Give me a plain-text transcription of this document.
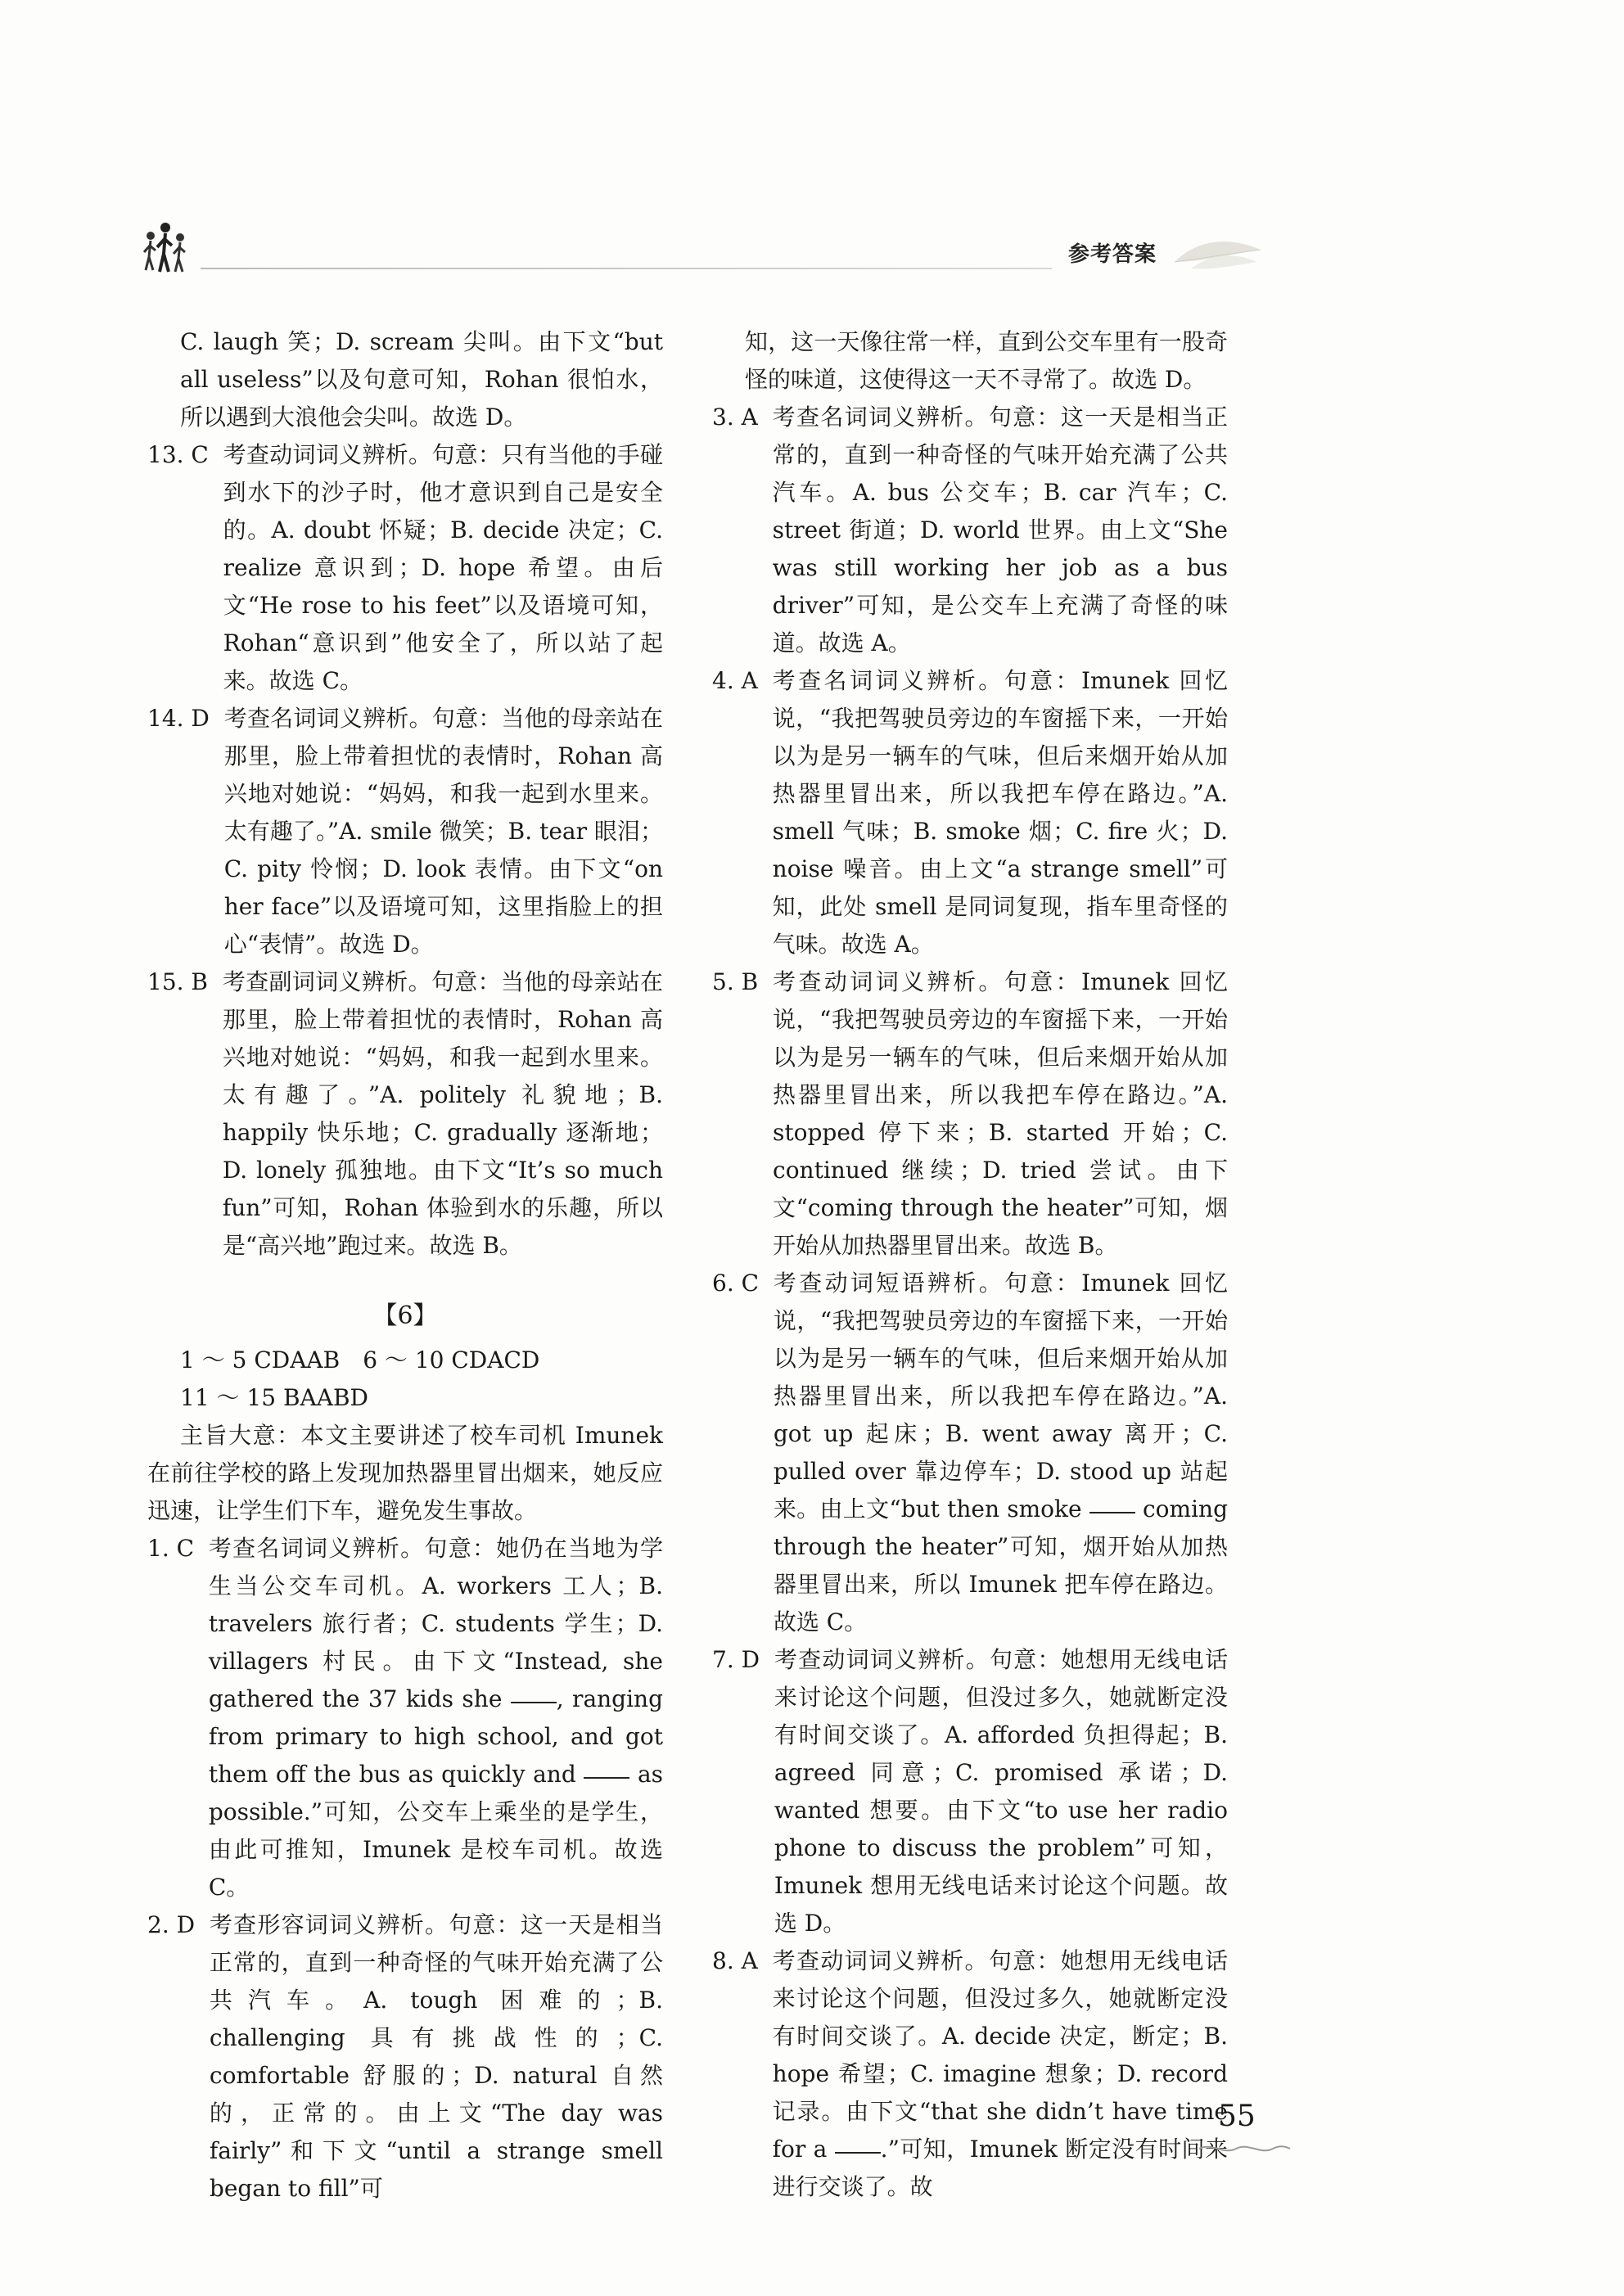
参考答案

C. laugh 笑；D. scream 尖叫。由下文“but all useless”以及句意可知，Rohan 很怕水，所以遇到大浪他会尖叫。故选 D。

13. C
考查动词词义辨析。句意：只有当他的手碰到水下的沙子时，他才意识到自己是安全的。A. doubt 怀疑；B. decide 决定；C. realize 意识到；D. hope 希望。由后文“He rose to his feet”以及语境可知，Rohan“意识到”他安全了，所以站了起来。故选 C。
14. D
考查名词词义辨析。句意：当他的母亲站在那里，脸上带着担忧的表情时，Rohan 高兴地对她说：“妈妈，和我一起到水里来。太有趣了。”A. smile 微笑；B. tear 眼泪；C. pity 怜悯；D. look 表情。由下文“on her face”以及语境可知，这里指脸上的担心“表情”。故选 D。
15. B
考查副词词义辨析。句意：当他的母亲站在那里，脸上带着担忧的表情时，Rohan 高兴地对她说：“妈妈，和我一起到水里来。太有趣了。”A. politely 礼貌地；B. happily 快乐地；C. gradually 逐渐地；D. lonely 孤独地。由下文“It’s so much fun”可知，Rohan 体验到水的乐趣，所以是“高兴地”跑过来。故选 B。
【6】
1 ～ 5 CDAAB　6 ～ 10 CDACD
11 ～ 15 BAABD

主旨大意：本文主要讲述了校车司机 Imunek 在前往学校的路上发现加热器里冒出烟来，她反应迅速，让学生们下车，避免发生事故。

1. C
考查名词词义辨析。句意：她仍在当地为学生当公交车司机。A. workers 工人；B. travelers 旅行者；C. students 学生；D. villagers 村民。由下文“Instead, she gathered the 37 kids she , ranging from primary to high school, and got them off the bus as quickly and	as possible.”可知，公交车上乘坐的是学生，由此可推知，Imunek 是校车司机。故选 C。
2. D
考查形容词词义辨析。句意：这一天是相当正常的，直到一种奇怪的气味开始充满了公共汽车。A. tough 困难的；B. challenging 具有挑战性的；C. comfortable 舒服的；D. natural 自然的，正常的。由上文“The day was fairly”和下文“until a strange smell began to fill”可

知，这一天像往常一样，直到公交车里有一股奇怪的味道，这使得这一天不寻常了。故选 D。

3. A
考查名词词义辨析。句意：这一天是相当正常的，直到一种奇怪的气味开始充满了公共汽车。A. bus 公交车；B. car 汽车；C. street 街道；D. world 世界。由上文“She was still working her job as a bus driver”可知，是公交车上充满了奇怪的味道。故选 A。
4. A
考查名词词义辨析。句意：Imunek 回忆说，“我把驾驶员旁边的车窗摇下来，一开始以为是另一辆车的气味，但后来烟开始从加热器里冒出来，所以我把车停在路边。”A. smell 气味；B. smoke 烟；C. fire 火；D. noise 噪音。由上文“a strange smell”可知，此处 smell 是同词复现，指车里奇怪的气味。故选 A。
5. B
考查动词词义辨析。句意：Imunek 回忆说，“我把驾驶员旁边的车窗摇下来，一开始以为是另一辆车的气味，但后来烟开始从加热器里冒出来，所以我把车停在路边。”A. stopped 停下来；B. started 开始；C. continued 继续；D. tried 尝试。由下文“coming through the heater”可知，烟开始从加热器里冒出来。故选 B。
6. C
考查动词短语辨析。句意：Imunek 回忆说，“我把驾驶员旁边的车窗摇下来，一开始以为是另一辆车的气味，但后来烟开始从加热器里冒出来，所以我把车停在路边。”A. got up 起床；B. went away 离开；C. pulled over 靠边停车；D. stood up 站起来。由上文“but then smoke	coming through the heater”可知，烟开始从加热器里冒出来，所以 Imunek 把车停在路边。故选 C。
7. D
考查动词词义辨析。句意：她想用无线电话来讨论这个问题，但没过多久，她就断定没有时间交谈了。A. afforded 负担得起；B. agreed 同意；C. promised 承诺；D. wanted 想要。由下文“to use her radio phone to discuss the problem”可知，Imunek 想用无线电话来讨论这个问题。故选 D。
8. A
考查动词词义辨析。句意：她想用无线电话来讨论这个问题，但没过多久，她就断定没有时间交谈了。A. decide 决定，断定；B. hope 希望；C. imagine 想象；D. record 记录。由下文“that she didn’t have time for a .”可知，Imunek 断定没有时间来进行交谈了。故
55
